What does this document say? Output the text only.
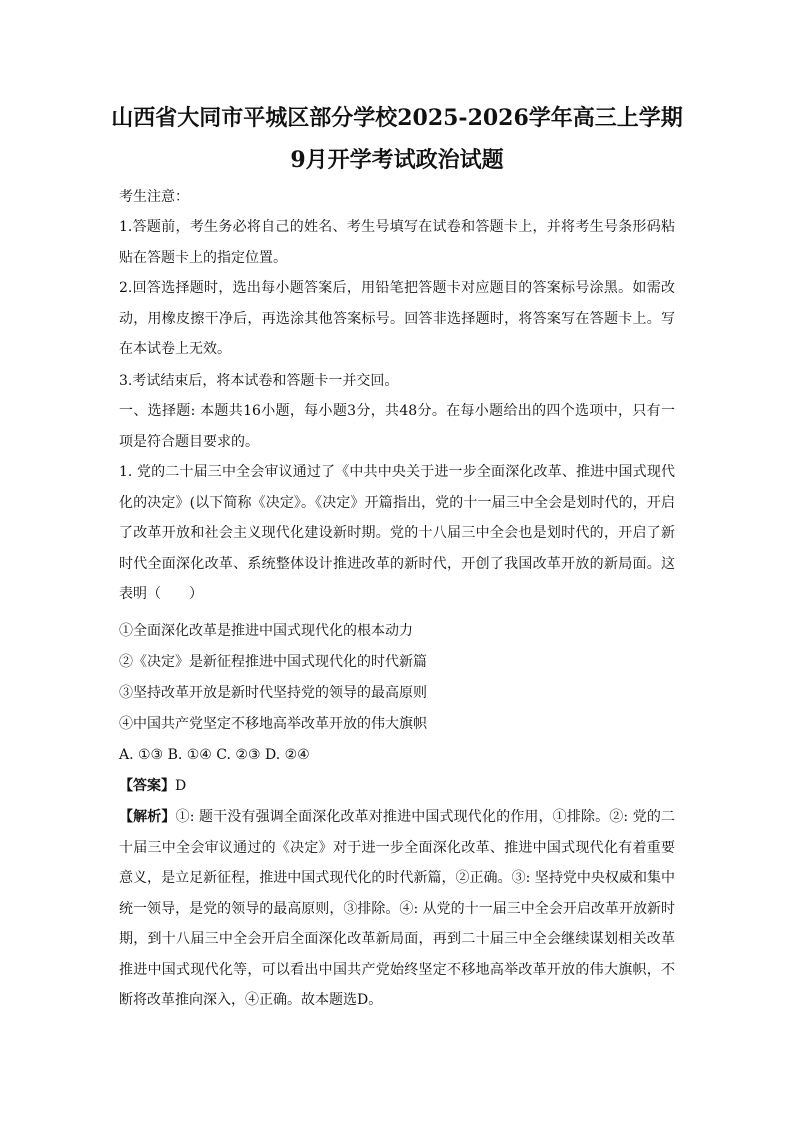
山西省大同市平城区部分学校2025-2026学年高三上学期
9月开学考试政治试题

考生注意：

1.答题前，考生务必将自己的姓名、考生号填写在试卷和答题卡上，并将考生号条形码粘贴在答题卡上的指定位置。

2.回答选择题时，选出每小题答案后，用铅笔把答题卡对应题目的答案标号涂黑。如需改动，用橡皮擦干净后，再选涂其他答案标号。回答非选择题时，将答案写在答题卡上。写在本试卷上无效。

3.考试结束后，将本试卷和答题卡一并交回。

一、选择题: 本题共16小题，每小题3分，共48分。在每小题给出的四个选项中，只有一项是符合题目要求的。

1. 党的二十届三中全会审议通过了《中共中央关于进一步全面深化改革、推进中国式现代化的决定》(以下简称《决定》。《决定》开篇指出，党的十一届三中全会是划时代的，开启了改革开放和社会主义现代化建设新时期。党的十八届三中全会也是划时代的，开启了新时代全面深化改革、系统整体设计推进改革的新时代，开创了我国改革开放的新局面。这表明（　　）

①全面深化改革是推进中国式现代化的根本动力

②《决定》是新征程推进中国式现代化的时代新篇

③坚持改革开放是新时代坚持党的领导的最高原则

④中国共产党坚定不移地高举改革开放的伟大旗帜

A. ①③ B. ①④ C. ②③ D. ②④

【答案】D

【解析】①: 题干没有强调全面深化改革对推进中国式现代化的作用，①排除。②: 党的二十届三中全会审议通过的《决定》对于进一步全面深化改革、推进中国式现代化有着重要意义，是立足新征程，推进中国式现代化的时代新篇，②正确。③: 坚持党中央权威和集中统一领导，是党的领导的最高原则，③排除。④: 从党的十一届三中全会开启改革开放新时期，到十八届三中全会开启全面深化改革新局面，再到二十届三中全会继续谋划相关改革推进中国式现代化等，可以看出中国共产党始终坚定不移地高举改革开放的伟大旗帜，不断将改革推向深入，④正确。故本题选D。
